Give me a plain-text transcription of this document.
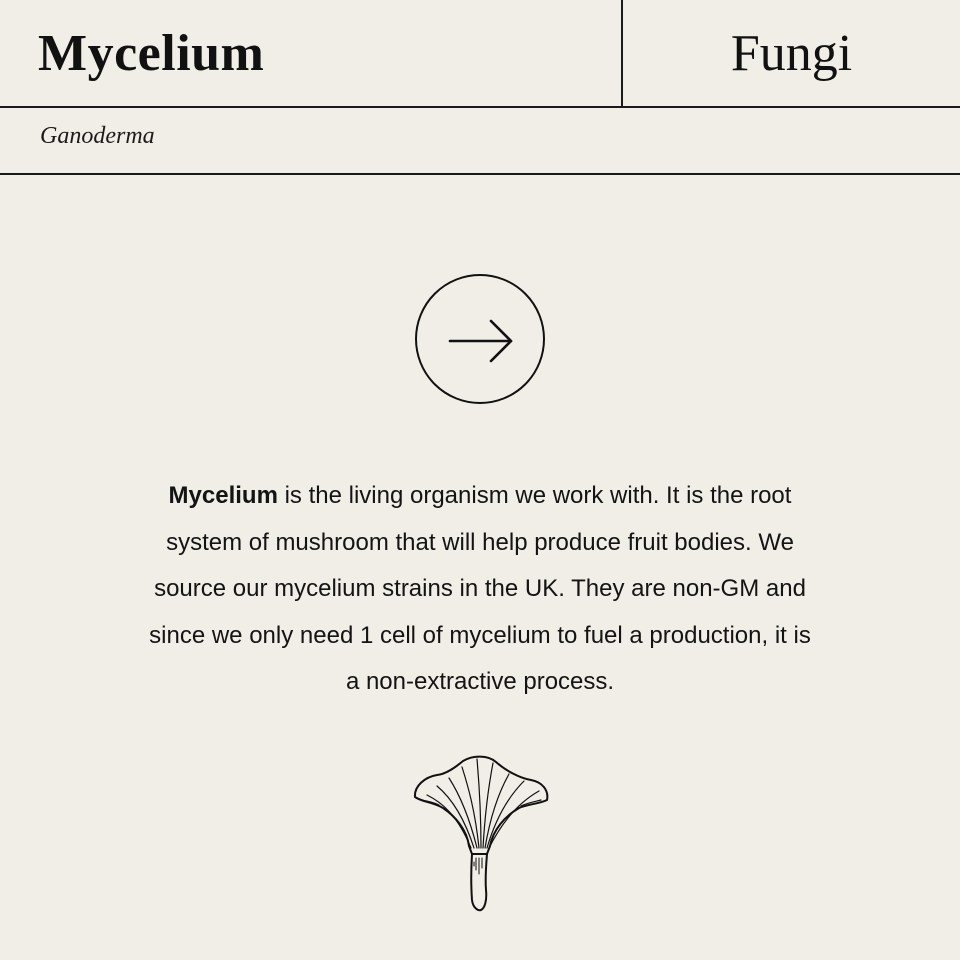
Mycelium	Fungi
Ganoderma
Mycelium is the living organism we work with. It is the root system of mushroom that will help produce fruit bodies. We source our mycelium strains in the UK. They are non-GM and since we only need 1 cell of mycelium to fuel a production, it is a non-extractive process.
